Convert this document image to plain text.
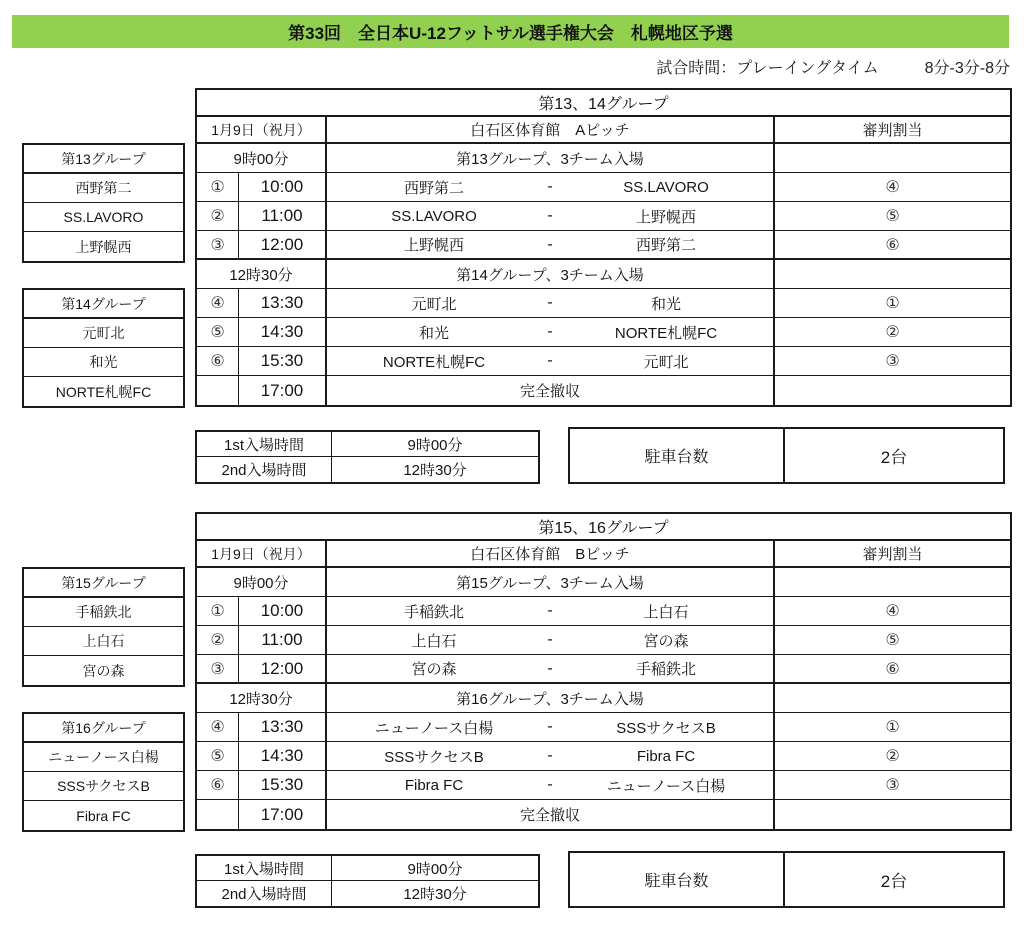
第33回　全日本U-12フットサル選手権大会　札幌地区予選
試合時間：プレーイングタイム	8分-3分-8分
第13グループ
西野第二
SS.LAVORO
上野幌西
第14グループ
元町北
和光
NORTE札幌FC
第13、14グループ
1月9日（祝月）	白石区体育館　Aピッチ	審判割当
9時00分	第13グループ、3チーム入場
①	10:00	西野第二	-	SS.LAVORO	④
②	11:00	SS.LAVORO	-	上野幌西	⑤
③	12:00	上野幌西	-	西野第二	⑥
12時30分	第14グループ、3チーム入場
④	13:30	元町北	-	和光	①
⑤	14:30	和光	-	NORTE札幌FC	②
⑥	15:30	NORTE札幌FC	-	元町北	③
17:00	完全撤収
1st入場時間	9時00分
2nd入場時間	12時30分
駐車台数	2台
第15グループ
手稲鉄北
上白石
宮の森
第16グループ
ニューノース白楊
SSSサクセスB
Fibra FC
第15、16グループ
1月9日（祝月）	白石区体育館　Bピッチ	審判割当
9時00分	第15グループ、3チーム入場
①	10:00	手稲鉄北	-	上白石	④
②	11:00	上白石	-	宮の森	⑤
③	12:00	宮の森	-	手稲鉄北	⑥
12時30分	第16グループ、3チーム入場
④	13:30	ニューノース白楊	-	SSSサクセスB	①
⑤	14:30	SSSサクセスB	-	Fibra FC	②
⑥	15:30	Fibra FC	-	ニューノース白楊	③
17:00	完全撤収
1st入場時間	9時00分
2nd入場時間	12時30分
駐車台数	2台
